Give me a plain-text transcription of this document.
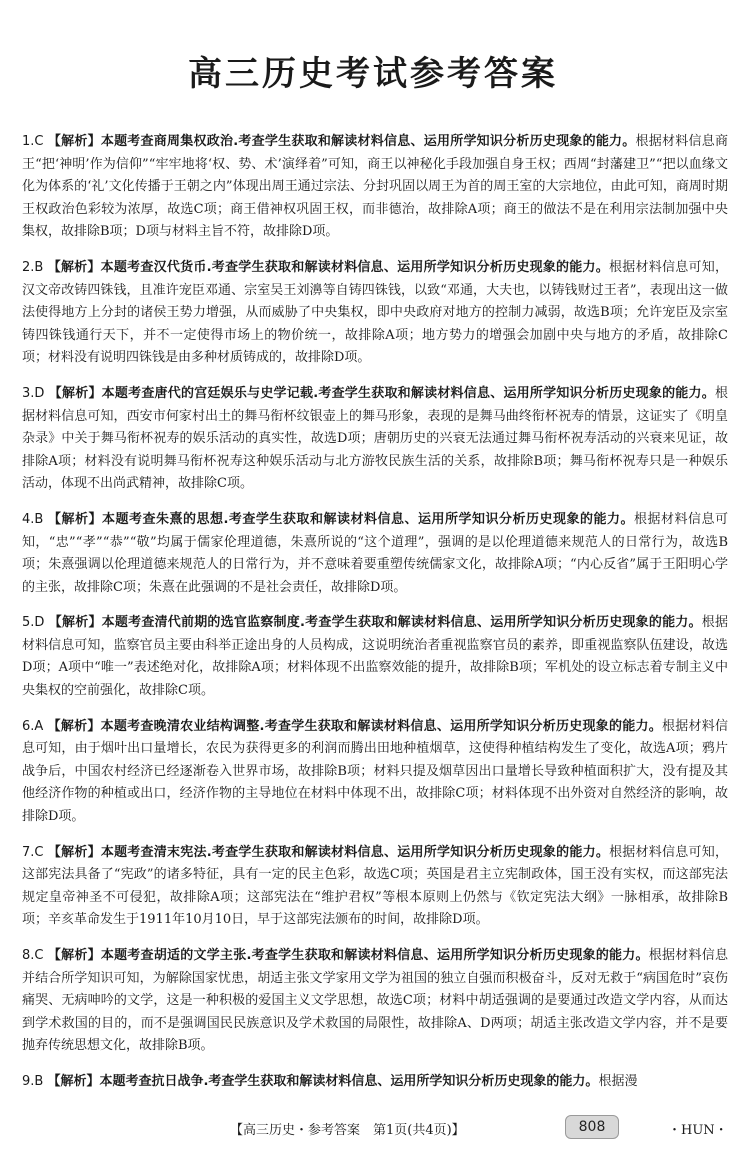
高三历史考试参考答案

1.C 【解析】本题考查商周集权政治.考查学生获取和解读材料信息、运用所学知识分析历史现象的能力。根据材料信息商王“把‘神明’作为信仰”“牢牢地将‘权、势、术’演绎着”可知，商王以神秘化手段加强自身王权；西周“封藩建卫”“把以血缘文化为体系的‘礼’文化传播于王朝之内”体现出周王通过宗法、分封巩固以周王为首的周王室的大宗地位，由此可知，商周时期王权政治色彩较为浓厚，故选C项；商王借神权巩固王权，而非德治，故排除A项；商王的做法不是在利用宗法制加强中央集权，故排除B项；D项与材料主旨不符，故排除D项。

2.B 【解析】本题考查汉代货币.考查学生获取和解读材料信息、运用所学知识分析历史现象的能力。根据材料信息可知，汉文帝改铸四铢钱，且准许宠臣邓通、宗室吴王刘濞等自铸四铢钱，以致“邓通，大夫也，以铸钱财过王者”，表现出这一做法使得地方上分封的诸侯王势力增强，从而威胁了中央集权，即中央政府对地方的控制力减弱，故选B项；允许宠臣及宗室铸四铢钱通行天下，并不一定使得市场上的物价统一，故排除A项；地方势力的增强会加剧中央与地方的矛盾，故排除C项；材料没有说明四铢钱是由多种材质铸成的，故排除D项。

3.D 【解析】本题考查唐代的宫廷娱乐与史学记载.考查学生获取和解读材料信息、运用所学知识分析历史现象的能力。根据材料信息可知，西安市何家村出土的舞马衔杯纹银壶上的舞马形象，表现的是舞马曲终衔杯祝寿的情景，这证实了《明皇杂录》中关于舞马衔杯祝寿的娱乐活动的真实性，故选D项；唐朝历史的兴衰无法通过舞马衔杯祝寿活动的兴衰来见证，故排除A项；材料没有说明舞马衔杯祝寿这种娱乐活动与北方游牧民族生活的关系，故排除B项；舞马衔杯祝寿只是一种娱乐活动，体现不出尚武精神，故排除C项。

4.B 【解析】本题考查朱熹的思想.考查学生获取和解读材料信息、运用所学知识分析历史现象的能力。根据材料信息可知，“忠”“孝”“恭”“敬”均属于儒家伦理道德，朱熹所说的“这个道理”，强调的是以伦理道德来规范人的日常行为，故选B项；朱熹强调以伦理道德来规范人的日常行为，并不意味着要重塑传统儒家文化，故排除A项；“内心反省”属于王阳明心学的主张，故排除C项；朱熹在此强调的不是社会责任，故排除D项。

5.D 【解析】本题考查清代前期的选官监察制度.考查学生获取和解读材料信息、运用所学知识分析历史现象的能力。根据材料信息可知，监察官员主要由科举正途出身的人员构成，这说明统治者重视监察官员的素养，即重视监察队伍建设，故选D项；A项中“唯一”表述绝对化，故排除A项；材料体现不出监察效能的提升，故排除B项；军机处的设立标志着专制主义中央集权的空前强化，故排除C项。

6.A 【解析】本题考查晚清农业结构调整.考查学生获取和解读材料信息、运用所学知识分析历史现象的能力。根据材料信息可知，由于烟叶出口量增长，农民为获得更多的利润而腾出田地种植烟草，这使得种植结构发生了变化，故选A项；鸦片战争后，中国农村经济已经逐渐卷入世界市场，故排除B项；材料只提及烟草因出口量增长导致种植面积扩大，没有提及其他经济作物的种植或出口，经济作物的主导地位在材料中体现不出，故排除C项；材料体现不出外资对自然经济的影响，故排除D项。

7.C 【解析】本题考查清末宪法.考查学生获取和解读材料信息、运用所学知识分析历史现象的能力。根据材料信息可知，这部宪法具备了“宪政”的诸多特征，具有一定的民主色彩，故选C项；英国是君主立宪制政体，国王没有实权，而这部宪法规定皇帝神圣不可侵犯，故排除A项；这部宪法在“维护君权”等根本原则上仍然与《钦定宪法大纲》一脉相承，故排除B项；辛亥革命发生于1911年10月10日，早于这部宪法颁布的时间，故排除D项。

8.C 【解析】本题考查胡适的文学主张.考查学生获取和解读材料信息、运用所学知识分析历史现象的能力。根据材料信息并结合所学知识可知，为解除国家忧患，胡适主张文学家用文学为祖国的独立自强而积极奋斗，反对无救于“病国危时”哀伤痛哭、无病呻吟的文学，这是一种积极的爱国主义文学思想，故选C项；材料中胡适强调的是要通过改造文学内容，从而达到学术救国的目的，而不是强调国民民族意识及学术救国的局限性，故排除A、D两项；胡适主张改造文学内容，并不是要抛弃传统思想文化，故排除B项。

9.B 【解析】本题考查抗日战争.考查学生获取和解读材料信息、运用所学知识分析历史现象的能力。根据漫

【高三历史・参考答案　第1页(共4页)】	808	・HUN・
